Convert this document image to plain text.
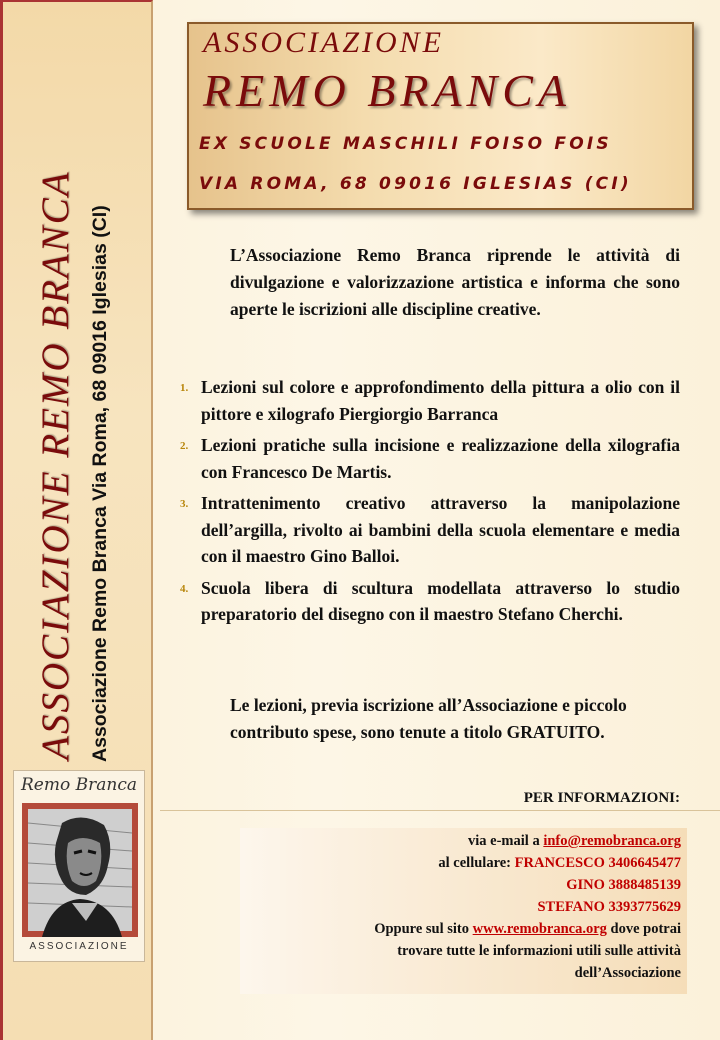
ASSOCIAZIONE REMO BRANCA Associazione Remo Branca Via Roma, 68 09016 Iglesias (CI)
Remo Branca
ASSOCIAZIONE
ASSOCIAZIONE
REMO BRANCA
EX SCUOLE MASCHILI FOISO FOIS
VIA ROMA, 68 09016 IGLESIAS (CI)
L’Associazione Remo Branca riprende le attività di divulgazione e valorizzazione artistica e informa che sono aperte le iscrizioni alle discipline creative.
1. Lezioni sul colore e approfondimento della pittura a olio con il pittore e xilografo Piergiorgio Barranca
2. Lezioni pratiche sulla incisione e realizzazione della xilografia con Francesco De Martis.
3. Intrattenimento creativo attraverso la manipolazione dell’argilla, rivolto ai bambini della scuola elementare e media con il maestro Gino Balloi.
4. Scuola libera di scultura modellata attraverso lo studio preparatorio del disegno con il maestro Stefano Cherchi.
Le lezioni, previa iscrizione all’Associazione e piccolo contributo spese, sono tenute a titolo GRATUITO.
PER INFORMAZIONI:
via e-mail a info@remobranca.org
al cellulare: FRANCESCO 3406645477
GINO 3888485139
STEFANO 3393775629
Oppure sul sito www.remobranca.org dove potrai
trovare tutte le informazioni utili sulle attività
dell’Associazione
